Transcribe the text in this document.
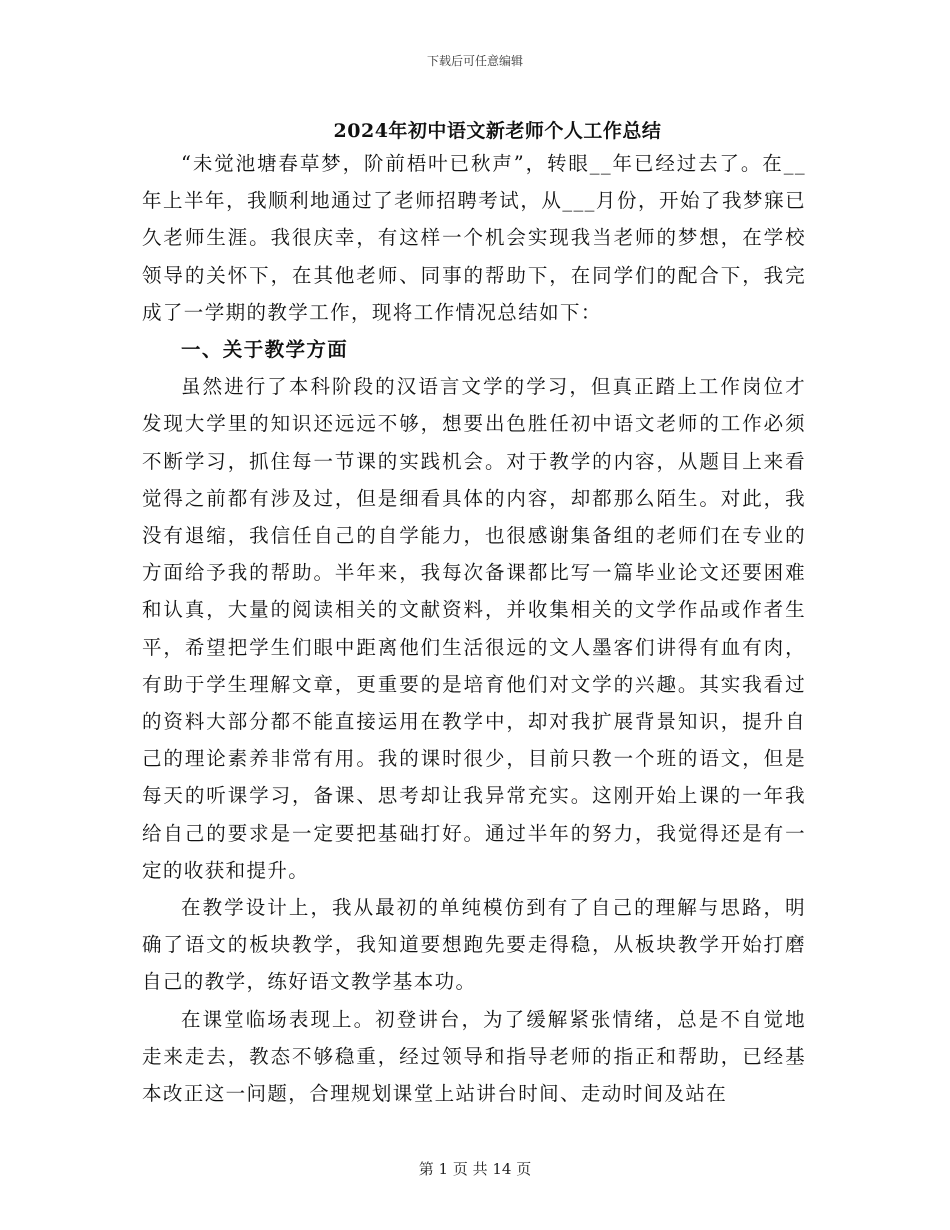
下载后可任意编辑
2024年初中语文新老师个人工作总结

“未觉池塘春草梦，阶前梧叶已秋声”，转眼__年已经过去了。在__年上半年，我顺利地通过了老师招聘考试，从___月份，开始了我梦寐已久老师生涯。我很庆幸，有这样一个机会实现我当老师的梦想，在学校领导的关怀下，在其他老师、同事的帮助下，在同学们的配合下，我完成了一学期的教学工作，现将工作情况总结如下：

一、关于教学方面

虽然进行了本科阶段的汉语言文学的学习，但真正踏上工作岗位才发现大学里的知识还远远不够，想要出色胜任初中语文老师的工作必须不断学习，抓住每一节课的实践机会。对于教学的内容，从题目上来看觉得之前都有涉及过，但是细看具体的内容，却都那么陌生。对此，我没有退缩，我信任自己的自学能力，也很感谢集备组的老师们在专业的方面给予我的帮助。半年来，我每次备课都比写一篇毕业论文还要困难和认真，大量的阅读相关的文献资料，并收集相关的文学作品或作者生平，希望把学生们眼中距离他们生活很远的文人墨客们讲得有血有肉，有助于学生理解文章，更重要的是培育他们对文学的兴趣。其实我看过的资料大部分都不能直接运用在教学中，却对我扩展背景知识，提升自己的理论素养非常有用。我的课时很少，目前只教一个班的语文，但是每天的听课学习，备课、思考却让我异常充实。这刚开始上课的一年我给自己的要求是一定要把基础打好。通过半年的努力，我觉得还是有一定的收获和提升。

在教学设计上，我从最初的单纯模仿到有了自己的理解与思路，明确了语文的板块教学，我知道要想跑先要走得稳，从板块教学开始打磨自己的教学，练好语文教学基本功。

在课堂临场表现上。初登讲台，为了缓解紧张情绪，总是不自觉地走来走去，教态不够稳重，经过领导和指导老师的指正和帮助，已经基本改正这一问题，合理规划课堂上站讲台时间、走动时间及站在

第 1 页 共 14 页
